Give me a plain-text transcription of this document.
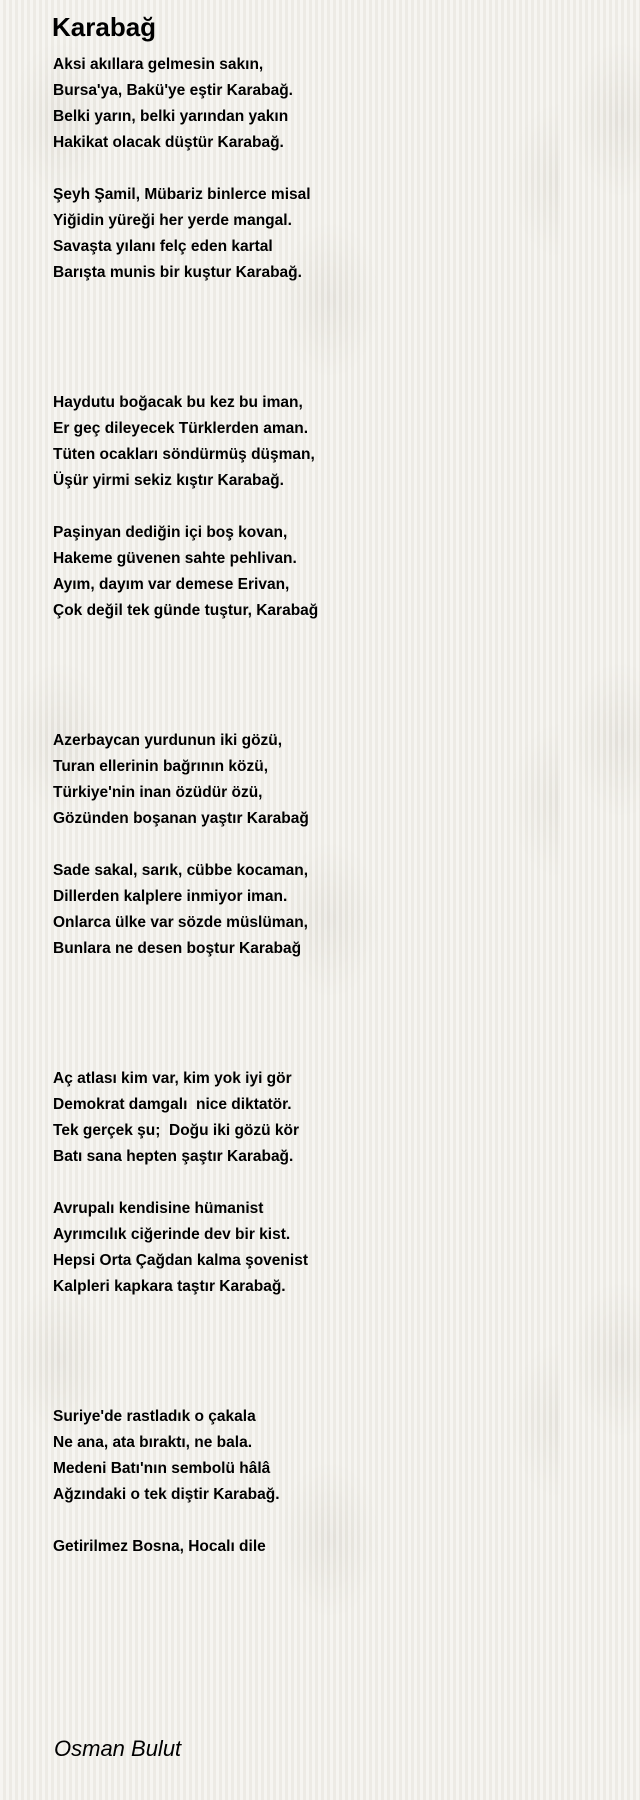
Karabağ
Aksi akıllara gelmesin sakın,
Bursa'ya, Bakü'ye eştir Karabağ.
Belki yarın, belki yarından yakın
Hakikat olacak düştür Karabağ.
Şeyh Şamil, Mübariz binlerce misal
Yiğidin yüreği her yerde mangal.
Savaşta yılanı felç eden kartal
Barışta munis bir kuştur Karabağ.
Haydutu boğacak bu kez bu iman,
Er geç dileyecek Türklerden aman.
Tüten ocakları söndürmüş düşman,
Üşür yirmi sekiz kıştır Karabağ.
Paşinyan dediğin içi boş kovan,
Hakeme güvenen sahte pehlivan.
Ayım, dayım var demese Erivan,
Çok değil tek günde tuştur, Karabağ
Azerbaycan yurdunun iki gözü,
Turan ellerinin bağrının közü,
Türkiye'nin inan özüdür özü,
Gözünden boşanan yaştır Karabağ
Sade sakal, sarık, cübbe kocaman,
Dillerden kalplere inmiyor iman.
Onlarca ülke var sözde müslüman,
Bunlara ne desen boştur Karabağ
Aç atlası kim var, kim yok iyi gör
Demokrat damgalı  nice diktatör.
Tek gerçek şu;  Doğu iki gözü kör
Batı sana hepten şaştır Karabağ.
Avrupalı kendisine hümanist
Ayrımcılık ciğerinde dev bir kist.
Hepsi Orta Çağdan kalma şovenist
Kalpleri kapkara taştır Karabağ.
Suriye'de rastladık o çakala
Ne ana, ata bıraktı, ne bala.
Medeni Batı'nın sembolü hâlâ
Ağzındaki o tek diştir Karabağ.
Getirilmez Bosna, Hocalı dile
Osman Bulut
